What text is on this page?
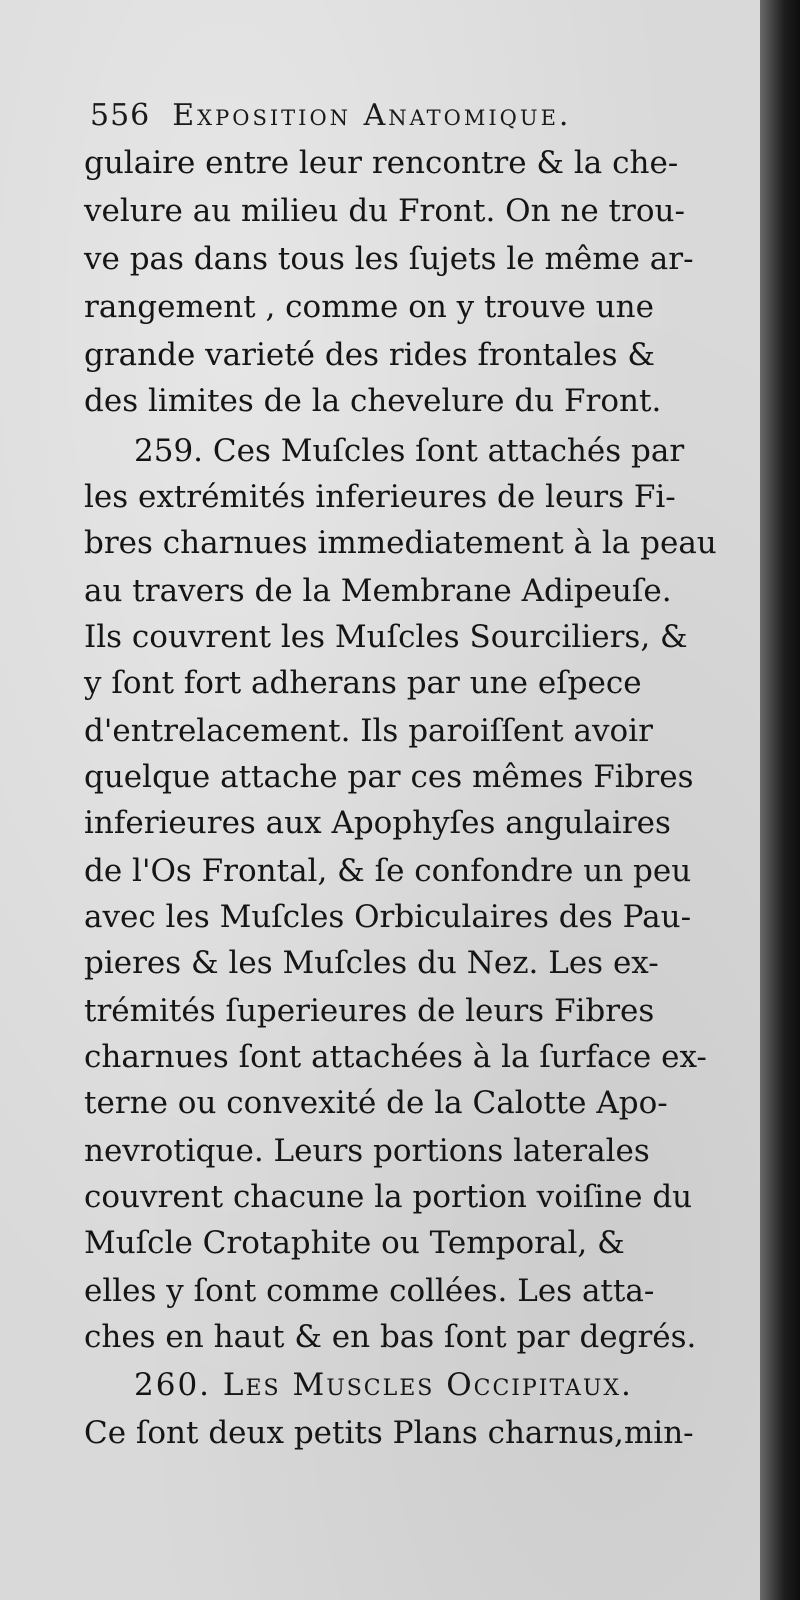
556 Exposition Anatomique.
gulaire entre leur rencontre & la che-
velure au milieu du Front. On ne trou-
ve pas dans tous les ſujets le même ar-
rangement , comme on y trouve une
grande varieté des rides frontales &
des limites de la chevelure du Front.
259. Ces Muſcles ſont attachés par
les extrémités inferieures de leurs Fi-
bres charnues immediatement à la peau
au travers de la Membrane Adipeuſe.
Ils couvrent les Muſcles Sourciliers, &
y ſont fort adherans par une eſpece
d'entrelacement. Ils paroiſſent avoir
quelque attache par ces mêmes Fibres
inferieures aux Apophyſes angulaires
de l'Os Frontal, & ſe confondre un peu
avec les Muſcles Orbiculaires des Pau-
pieres & les Muſcles du Nez. Les ex-
trémités ſuperieures de leurs Fibres
charnues ſont attachées à la ſurface ex-
terne ou convexité de la Calotte Apo-
nevrotique. Leurs portions laterales
couvrent chacune la portion voiſine du
Muſcle Crotaphite ou Temporal, &
elles y ſont comme collées. Les atta-
ches en haut & en bas ſont par degrés.
260. Les Muscles Occipitaux.
Ce ſont deux petits Plans charnus,min-
